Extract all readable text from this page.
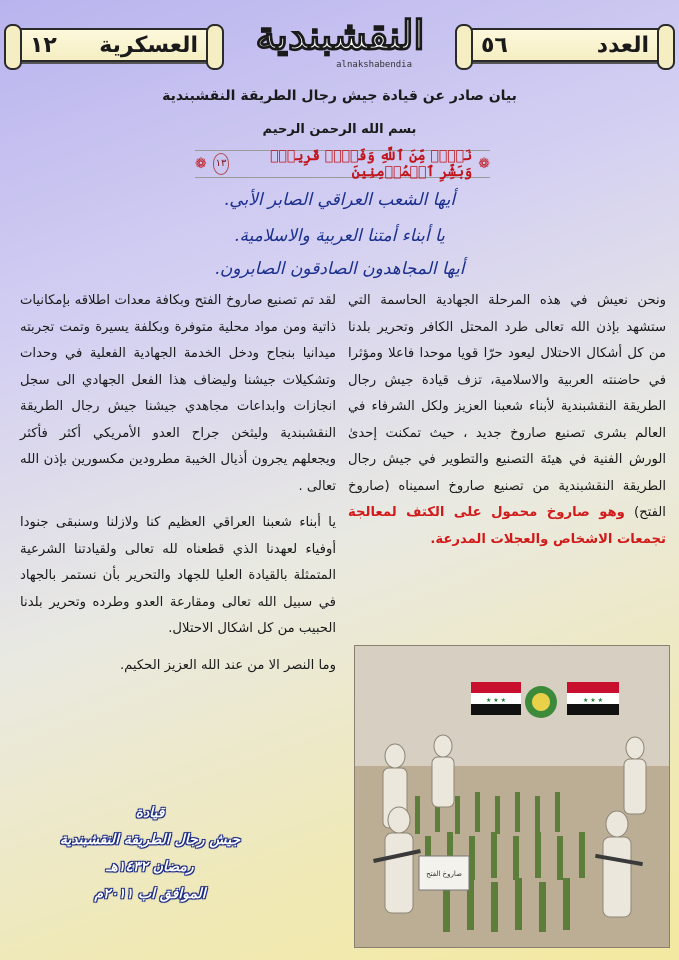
العدد
٥٦
النقشبندية
alnakshabendia
العسكرية
١٢
بيان صادر عن قيادة جيش رجال الطريقة النقشبندية
بسم الله الرحمن الرحيم
❁
نَصۡرٞ مِّنَ ٱللَّهِ وَفَتۡحٞ قَرِيبٞۗ وَبَشِّرِ ٱلۡمُؤۡمِنِينَ
١٣
❁
أيها الشعب العراقي الصابر الأبي.
يا أبناء أمتنا العربية والاسلامية.
أيها المجاهدون الصادقون الصابرون.
ونحن نعيش في هذه المرحلة الجهادية الحاسمة التي ستشهد بإذن الله تعالى طرد المحتل الكافر وتحرير بلدنا من كل أشكال الاحتلال ليعود حرّا قويا موحدا فاعلا ومؤثرا في حاضنته العربية والاسلامية، تزف قيادة جيش رجال الطريقة النقشبندية لأبناء شعبنا العزيز ولكل الشرفاء في العالم بشرى تصنيع صاروخ جديد ، حيث تمكنت إحدىٰ الورش الفنية في هيئة التصنيع والتطوير في جيش رجال الطريقة النقشبندية من تصنيع صاروخ اسميناه (صاروخ الفتح) وهو صاروخ محمول على الكتف لمعالجة تجمعات الاشخاص والعجلات المدرعة.

لقد تم تصنيع صاروخ الفتح وبكافة معدات اطلاقه بإمكانيات ذاتية ومن مواد محلية متوفرة وبكلفة يسيرة وتمت تجربته ميدانيا بنجاح ودخل الخدمة الجهادية الفعلية في وحدات وتشكيلات جيشنا وليضاف هذا الفعل الجهادي الى سجل انجازات وابداعات مجاهدي جيشنا جيش رجال الطريقة النقشبندية وليثخن جراح العدو الأمريكي أكثر فأكثر ويجعلهم يجرون أذيال الخيبة مطرودين مكسورين بإذن الله تعالى .

يا أبناء شعبنا العراقي العظيم كنا ولازلنا وسنبقى جنودا أوفياء لعهدنا الذي قطعناه لله تعالى ولقيادتنا الشرعية المتمثلة بالقيادة العليا للجهاد والتحرير بأن نستمر بالجهاد في سبيل الله تعالى ومقارعة العدو وطرده وتحرير بلدنا الحبيب من كل اشكال الاحتلال.

وما النصر الا من عند الله العزيز الحكيم.

قيادة
جيش رجال الطريقة النقشبندية
رمضان ١٤٣٢هـ
الموافق اب ٢٠١١م
★ ★ ★	★ ★ ★
صاروخ الفتح
